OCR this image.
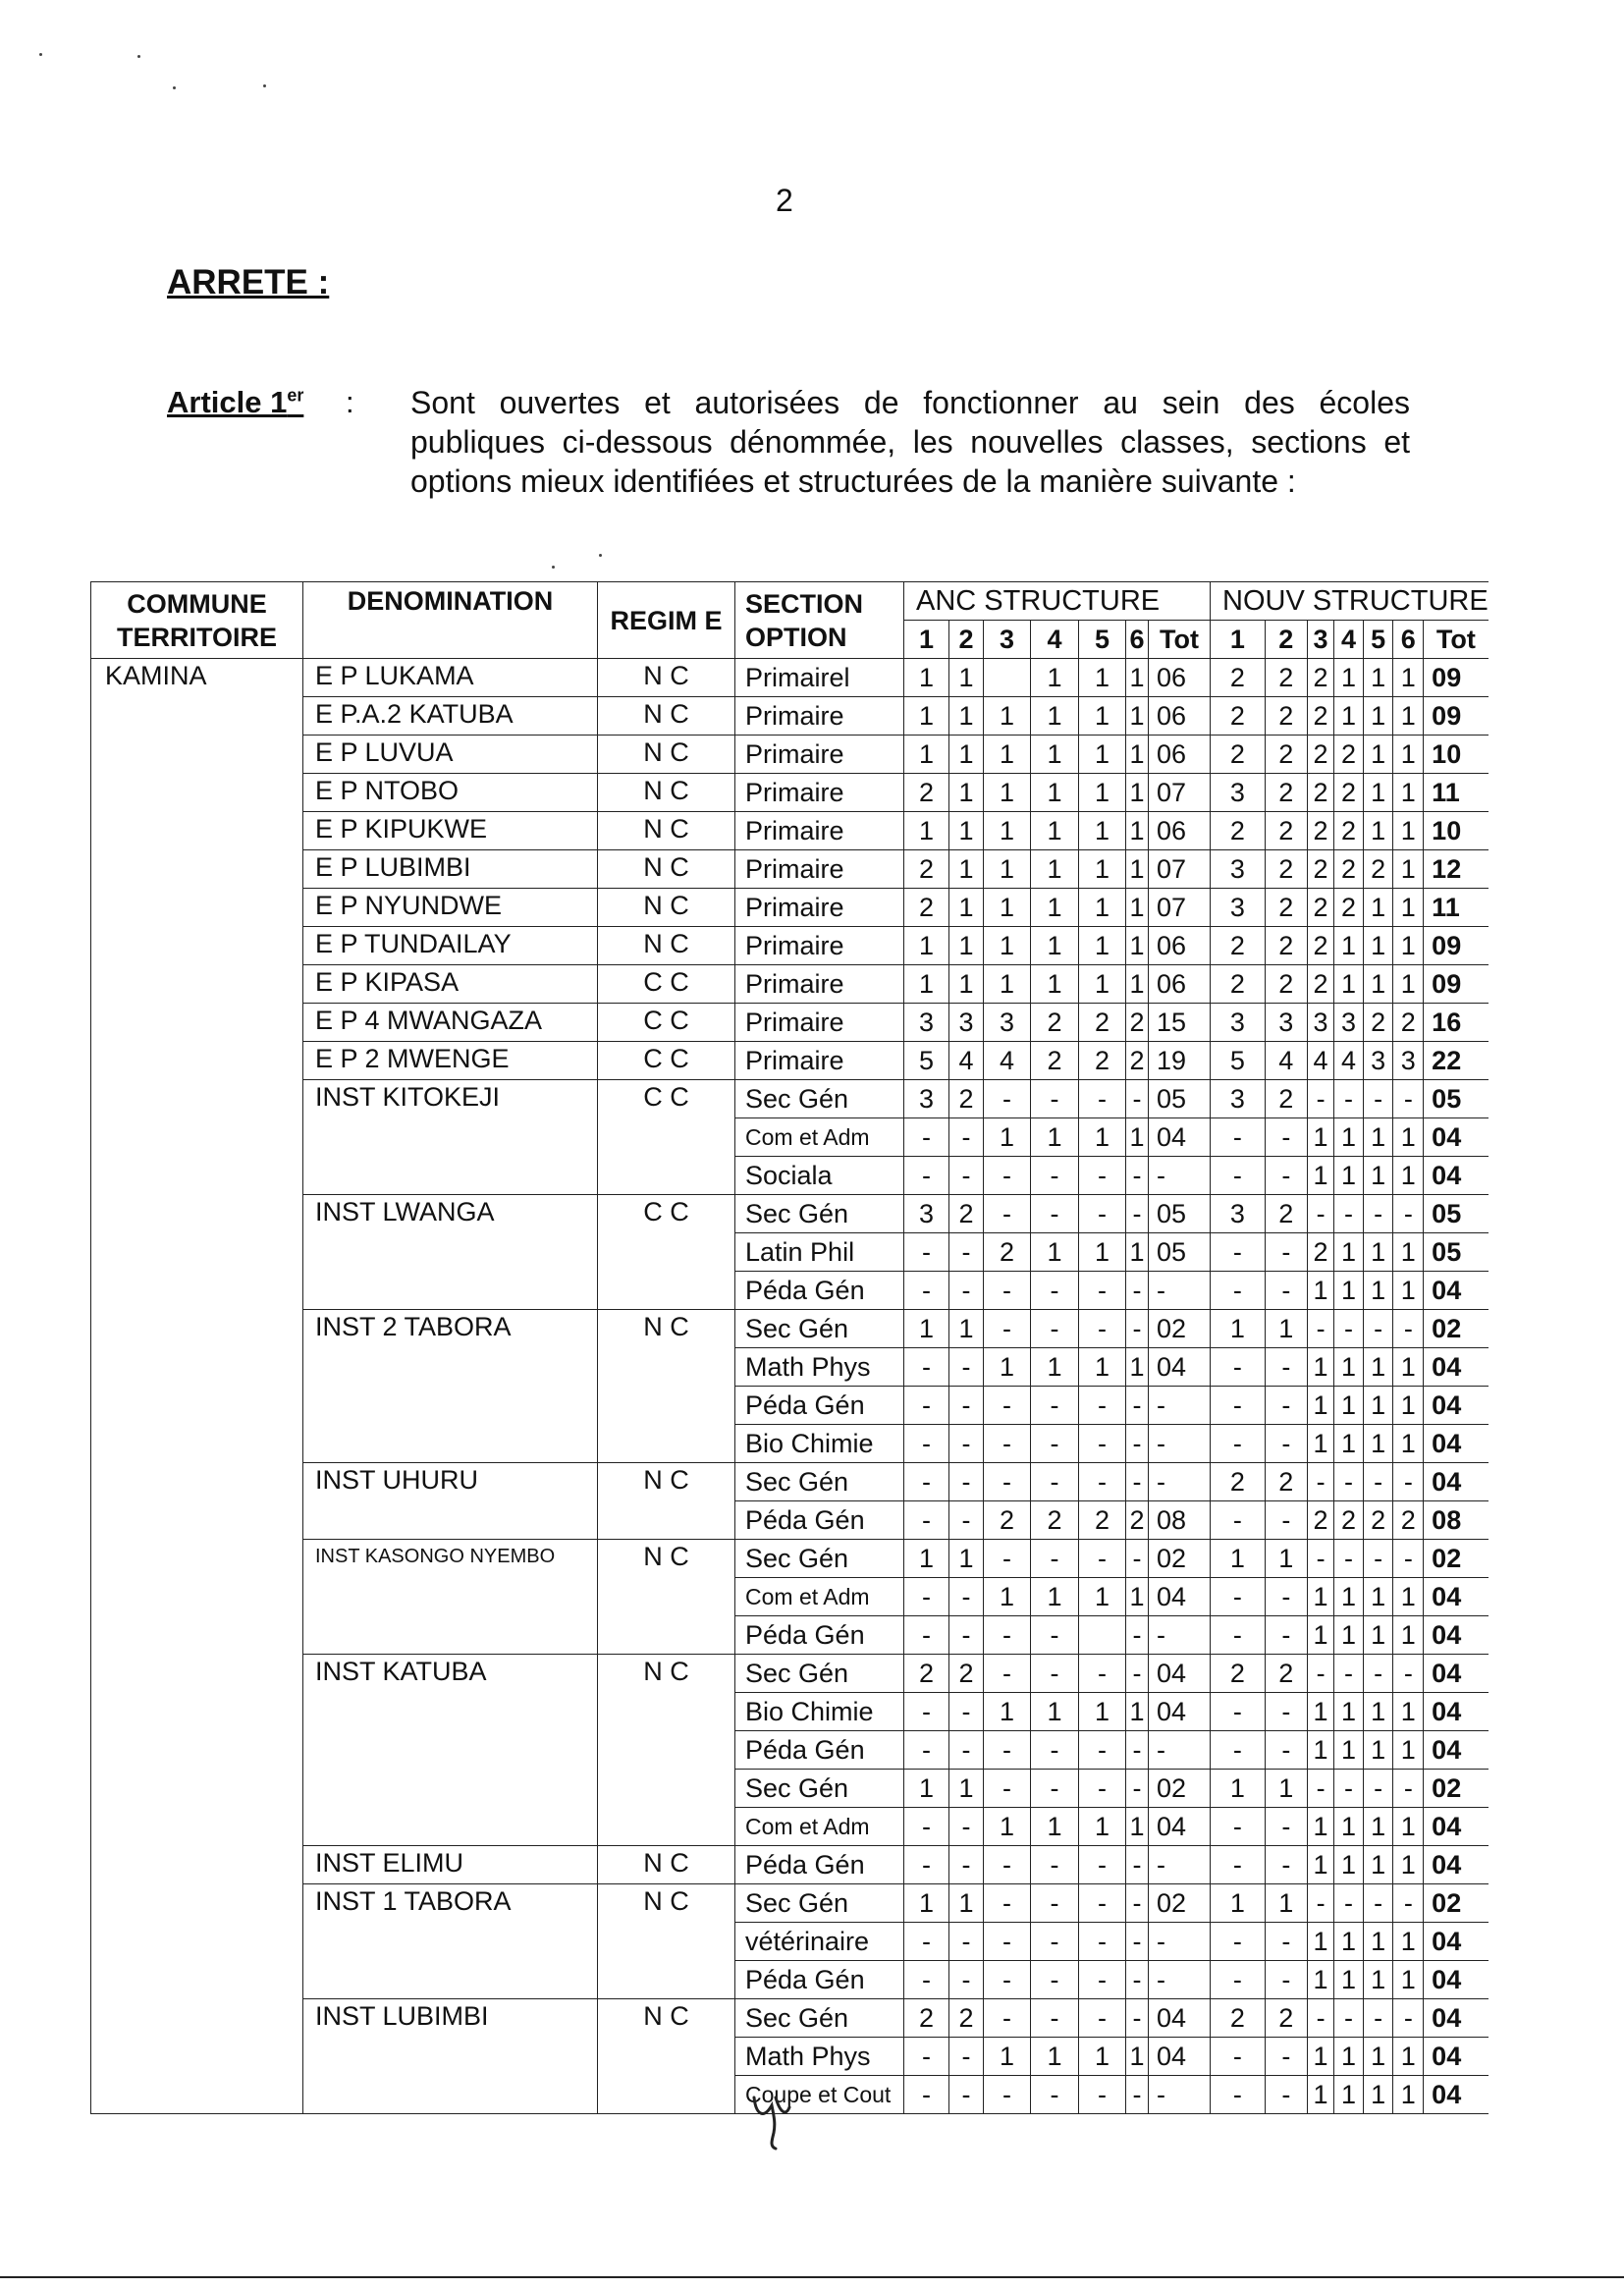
2
ARRETE :
Article 1er : Sont ouvertes et autorisées de fonctionner au sein des écoles publiques ci-dessous dénommée, les nouvelles classes, sections et options mieux identifiées et structurées de la manière suivante :
COMMUNE TERRITOIRE	DENOMINATION	REGIM E	SECTION OPTION	ANC STRUCTURE							NOUV STRUCTURE						
				1	2	3	4	5	6	Tot	1	2	3	4	5	6	Tot
KAMINA	E P LUKAMA	N C	Primairel	1	1		1	1	1	06	2	2	2	1	1	1	09
	E P.A.2 KATUBA	N C	Primaire	1	1	1	1	1	1	06	2	2	2	1	1	1	09
	E P LUVUA	N C	Primaire	1	1	1	1	1	1	06	2	2	2	2	1	1	10
	E P NTOBO	N C	Primaire	2	1	1	1	1	1	07	3	2	2	2	1	1	11
	E P KIPUKWE	N C	Primaire	1	1	1	1	1	1	06	2	2	2	2	1	1	10
	E P LUBIMBI	N C	Primaire	2	1	1	1	1	1	07	3	2	2	2	2	1	12
	E P NYUNDWE	N C	Primaire	2	1	1	1	1	1	07	3	2	2	2	1	1	11
	E P TUNDAILAY	N C	Primaire	1	1	1	1	1	1	06	2	2	2	1	1	1	09
	E P KIPASA	C C	Primaire	1	1	1	1	1	1	06	2	2	2	1	1	1	09
	E P 4 MWANGAZA	C C	Primaire	3	3	3	2	2	2	15	3	3	3	3	2	2	16
	E P 2 MWENGE	C C	Primaire	5	4	4	2	2	2	19	5	4	4	4	3	3	22
	INST KITOKEJI	C C	Sec Gén	3	2	-	-	-	-	05	3	2	-	-	-	-	05
			Com et Adm	-	-	1	1	1	1	04	-	-	1	1	1	1	04
			Sociala	-	-	-	-	-	-	-	-	-	1	1	1	1	04
	INST LWANGA	C C	Sec Gén	3	2	-	-	-	-	05	3	2	-	-	-	-	05
			Latin Phil	-	-	2	1	1	1	05	-	-	2	1	1	1	05
			Péda Gén	-	-	-	-	-	-	-	-	-	1	1	1	1	04
	INST 2 TABORA	N C	Sec Gén	1	1	-	-	-	-	02	1	1	-	-	-	-	02
			Math Phys	-	-	1	1	1	1	04	-	-	1	1	1	1	04
			Péda Gén	-	-	-	-	-	-	-	-	-	1	1	1	1	04
			Bio Chimie	-	-	-	-	-	-	-	-	-	1	1	1	1	04
	INST UHURU	N C	Sec Gén	-	-	-	-	-	-	-	2	2	-	-	-	-	04
			Péda Gén	-	-	2	2	2	2	08	-	-	2	2	2	2	08
	INST KASONGO NYEMBO	N C	Sec Gén	1	1	-	-	-	-	02	1	1	-	-	-	-	02
			Com et Adm	-	-	1	1	1	1	04	-	-	1	1	1	1	04
			Péda Gén	-	-	-	-		-	-	-	-	1	1	1	1	04
	INST KATUBA	N C	Sec Gén	2	2	-	-	-	-	04	2	2	-	-	-	-	04
			Bio Chimie	-	-	1	1	1	1	04	-	-	1	1	1	1	04
			Péda Gén	-	-	-	-	-	-	-	-	-	1	1	1	1	04
			Sec Gén	1	1	-	-	-	-	02	1	1	-	-	-	-	02
			Com et Adm	-	-	1	1	1	1	04	-	-	1	1	1	1	04
	INST ELIMU	N C	Péda Gén	-	-	-	-	-	-	-	-	-	1	1	1	1	04
	INST 1 TABORA	N C	Sec Gén	1	1	-	-	-	-	02	1	1	-	-	-	-	02
			vétérinaire	-	-	-	-	-	-	-	-	-	1	1	1	1	04
			Péda Gén	-	-	-	-	-	-	-	-	-	1	1	1	1	04
	INST LUBIMBI	N C	Sec Gén	2	2	-	-	-	-	04	2	2	-	-	-	-	04
			Math Phys	-	-	1	1	1	1	04	-	-	1	1	1	1	04
			Coupe et Cout	-	-	-	-	-	-	-	-	-	1	1	1	1	04
